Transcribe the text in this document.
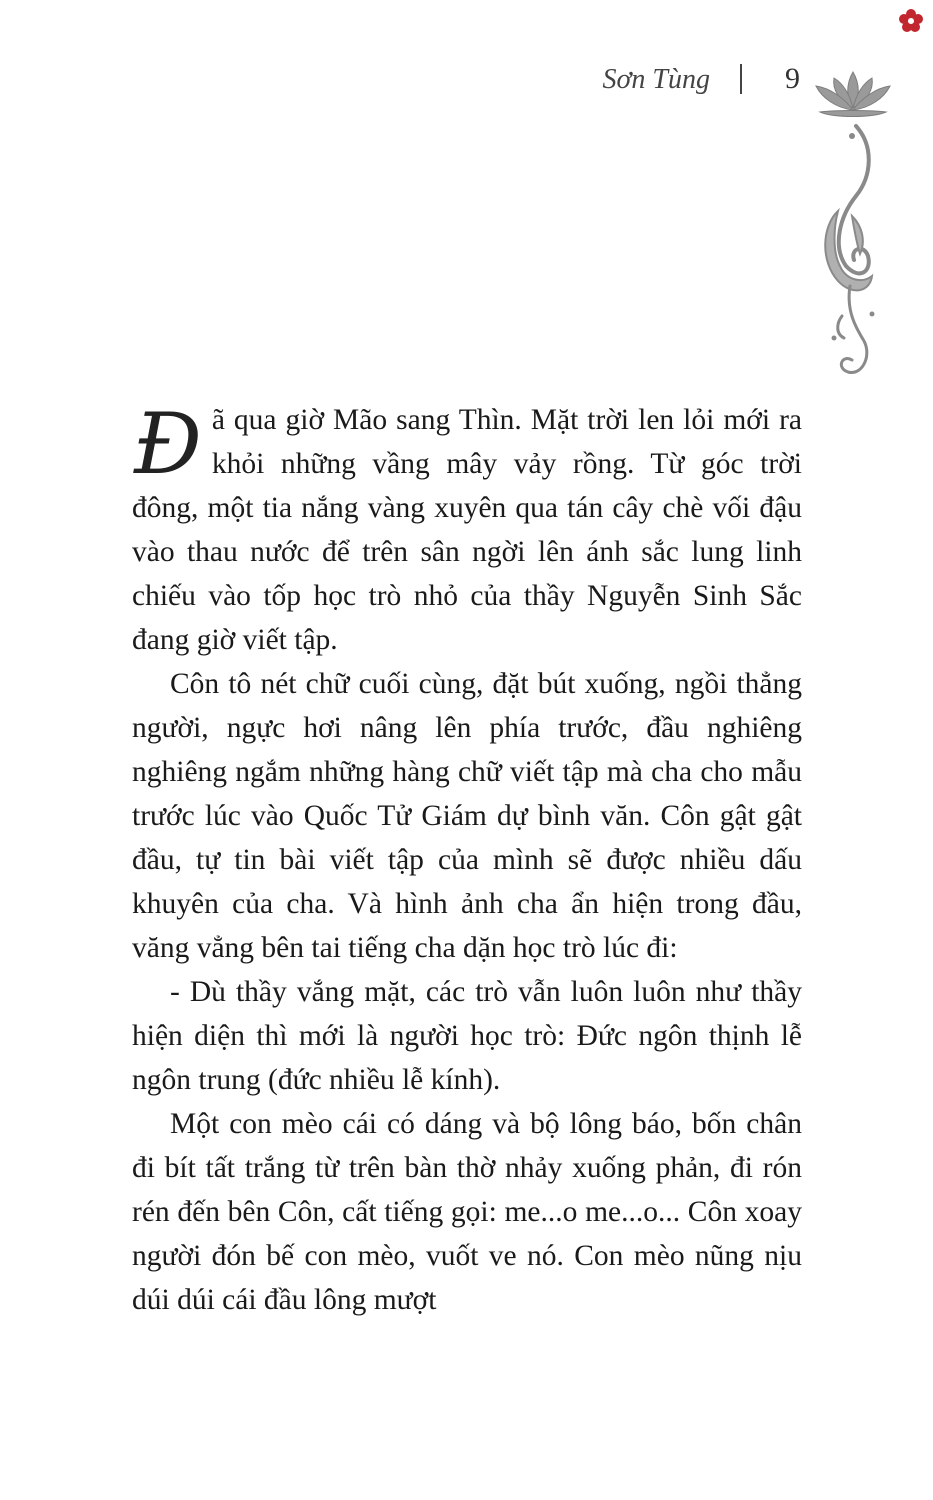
Sơn Tùng	9

Đã qua giờ Mão sang Thìn. Mặt trời len lỏi mới ra khỏi những vầng mây vảy rồng. Từ góc trời đông, một tia nắng vàng xuyên qua tán cây chè vối đậu vào thau nước để trên sân ngời lên ánh sắc lung linh chiếu vào tốp học trò nhỏ của thầy Nguyễn Sinh Sắc đang giờ viết tập.

Côn tô nét chữ cuối cùng, đặt bút xuống, ngồi thẳng người, ngực hơi nâng lên phía trước, đầu nghiêng nghiêng ngắm những hàng chữ viết tập mà cha cho mẫu trước lúc vào Quốc Tử Giám dự bình văn. Côn gật gật đầu, tự tin bài viết tập của mình sẽ được nhiều dấu khuyên của cha. Và hình ảnh cha ẩn hiện trong đầu, văng vẳng bên tai tiếng cha dặn học trò lúc đi:

- Dù thầy vắng mặt, các trò vẫn luôn luôn như thầy hiện diện thì mới là người học trò: Đức ngôn thịnh lễ ngôn trung (đức nhiều lễ kính).

Một con mèo cái có dáng và bộ lông báo, bốn chân đi bít tất trắng từ trên bàn thờ nhảy xuống phản, đi rón rén đến bên Côn, cất tiếng gọi: me...o me...o... Côn xoay người đón bế con mèo, vuốt ve nó. Con mèo nũng nịu dúi dúi cái đầu lông mượt
